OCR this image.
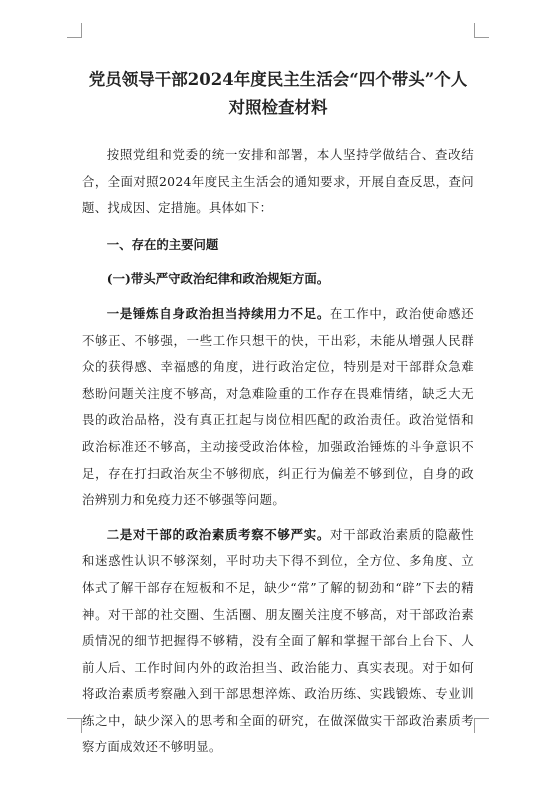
党员领导干部2024年度民主生活会“四个带头”个人
对照检查材料

按照党组和党委的统一安排和部署，本人坚持学做结合、查改结合，全面对照2024年度民主生活会的通知要求，开展自查反思，查问题、找成因、定措施。具体如下：

一、存在的主要问题
(一)带头严守政治纪律和政治规矩方面。

一是锤炼自身政治担当持续用力不足。在工作中，政治使命感还不够正、不够强，一些工作只想干的快，干出彩，未能从增强人民群众的获得感、幸福感的角度，进行政治定位，特别是对干部群众急难愁盼问题关注度不够高，对急难险重的工作存在畏难情绪，缺乏大无畏的政治品格，没有真正扛起与岗位相匹配的政治责任。政治觉悟和政治标准还不够高，主动接受政治体检，加强政治锤炼的斗争意识不足，存在打扫政治灰尘不够彻底，纠正行为偏差不够到位，自身的政治辨别力和免疫力还不够强等问题。

二是对干部的政治素质考察不够严实。对干部政治素质的隐蔽性和迷惑性认识不够深刻，平时功夫下得不到位，全方位、多角度、立体式了解干部存在短板和不足，缺少“常”了解的韧劲和“辟”下去的精神。对干部的社交圈、生活圈、朋友圈关注度不够高，对干部政治素质情况的细节把握得不够精，没有全面了解和掌握干部台上台下、人前人后、工作时间内外的政治担当、政治能力、真实表现。对于如何将政治素质考察融入到干部思想淬炼、政治历练、实践锻炼、专业训练之中，缺少深入的思考和全面的研究，在做深做实干部政治素质考察方面成效还不够明显。
